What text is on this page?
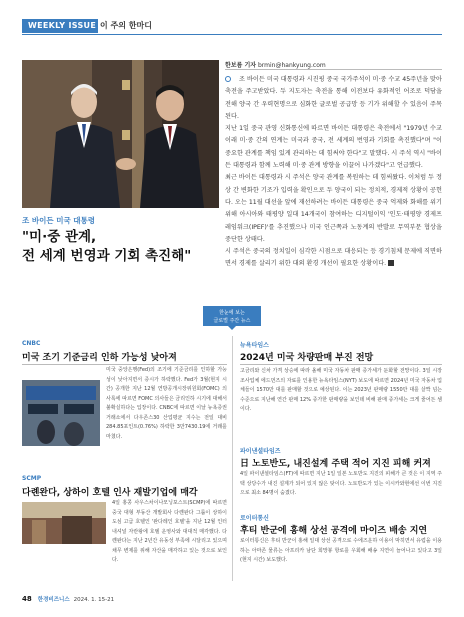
WEEKLY ISSUE 이 주의 한마디
한보름 기자 brmin@hankyung.com

조 바이든 미국 대통령과 시진핑 중국 국가주석이 미·중 수교 45주년을 맞아 축전을 주고받았다. 두 지도자는 축전을 통해 이전보다 유화적인 어조로 덕담을 전해 양국 간 우력현명으로 심화한 글로벌 공급망 등 기가 위해할 수 있음이 주목된다.

지난 1일 중국 관영 신화통신에 따르면 바이든 대통령은 축전에서 "1979년 수교 이래 미·중 간의 연계는 미국과 중국, 전 세계의 번영과 기회를 촉진했다"며 "이 중요한 관계를 책임 있게 관리하는 데 힘써야 한다"고 말했다. 시 주석 역시 "바이든 대통령과 함께 노력해 미·중 관계 방향을 이끌어 나가겠다"고 언급했다.

최근 바이든 대통령과 시 주석은 양국 관계를 복원하는 데 힘써왔다. 이처럼 두 정상 간 변화한 기조가 입력을 확인으로 두 양국이 되는 정치적, 경제적 상황이 공헌다. 오는 11월 대선을 앞에 재선하려는 바이든 대통령은 중국 억제와 화해를 위기 위해 아시아와 태평양 일대 14개국이 참여하는 디지털이익 '인도·태평양 경제프레임워크(IPEF)'를 추진했으나 미국 인근쪽과 노동계의 반발로 무역부문 협상을 중단한 상태다.

시 주석은 중국의 정치일이 심각한 시점으로 대응되는 등 경기침체 문제에 직면하면서 경제를 살리기 위한 대외 환경 개선이 필요한 상황이다.

조 바이든 미국 대통령
"미·중 관계,
전 세계 번영과 기회 촉진해"
한눈에 보는
글로벌 주간 뉴스
CNBC
미국 조기 기준금리 인하 가능성 낮아져
미국 중앙은행(Fed)의 조기에 기준금리를 인하할 가능성이 낮아지면서 증시가 하락했다. Fed가 3월(현지 시간) 공개한 지난 12월 연방공개시장위원회(FOMC) 의사록에 따르면 FOMC 의사들은 금리인하 시기에 대해서 불확실하다는 입장이다. CNBC에 따르면 이날 뉴욕증권거래소에서 다우존스30 산업평균 지수는 전일 대비 284.85포인트(0.76%) 하락한 3만7430.19에 거래를 마쳤다.
SCMP
다롄완다, 상하이 호텔 인사 재발기업에 매각
4일 홍콩 사우스차이나모닝포스트(SCMP)에 따르면 중국 대형 부동산 개발회사 다롄완다 그룹이 상하이 도심 고급 호텔인 '완다레인 호텔'을 지난 12월 인터내셔널 자란왕에 호텔 운영사와 대대적 매각했다. 다롄완다는 지난 2년간 유동성 부족에 시달리고 있으며 채무 변제를 위해 자산을 매각하고 있는 것으로 보인다.
뉴욕타임스
2024년 미국 차량판매 부진 전망
고금리와 신차 가격 상승에 따라 올해 미국 자동차 판매 증가세가 둔화할 전망이다. 3일 시장조사업체 에드먼즈의 자료를 인용한 뉴욕타임스(NYT) 보도에 따르면 2024년 미국 자동차 업체들이 1570만 대를 판매할 것으로 예상된다. 이는 2023년 판매량 1550만 대를 살짝 넘는 수준으로 지난해 연간 판매 12% 증가한 판매량을 보인데 비해 판매 증가세는 크게 줄어든 셈이다.
파이낸셜타임즈
日 노토반도, 내진설계 주택 적어 지진 피해 커져
4일 파이낸셜타임스(FT)에 따르면 지난 1일 일본 노토반도 지진의 피해가 큰 것은 이 지역 주택 상당수가 내진 설계가 되어 있지 않은 탓이다. 노토반도가 있는 이시카와현에선 이번 지진으로 최소 84명이 숨졌다.
로이터통신
후티 반군에 홍해 상선 공격에 마이즈 배송 지연
로이터통신은 후티 반군이 홍해 일대 상선 공격으로 수에즈운하 이용이 막히면서 유럽을 이용하는 아마존 물류는 아프리카 남단 희망봉 항로를 우회해 배송 지연이 늘어나고 있다고 3일(현지 시간) 보도했다.
48 한경비즈니스 2024. 1. 15-21
